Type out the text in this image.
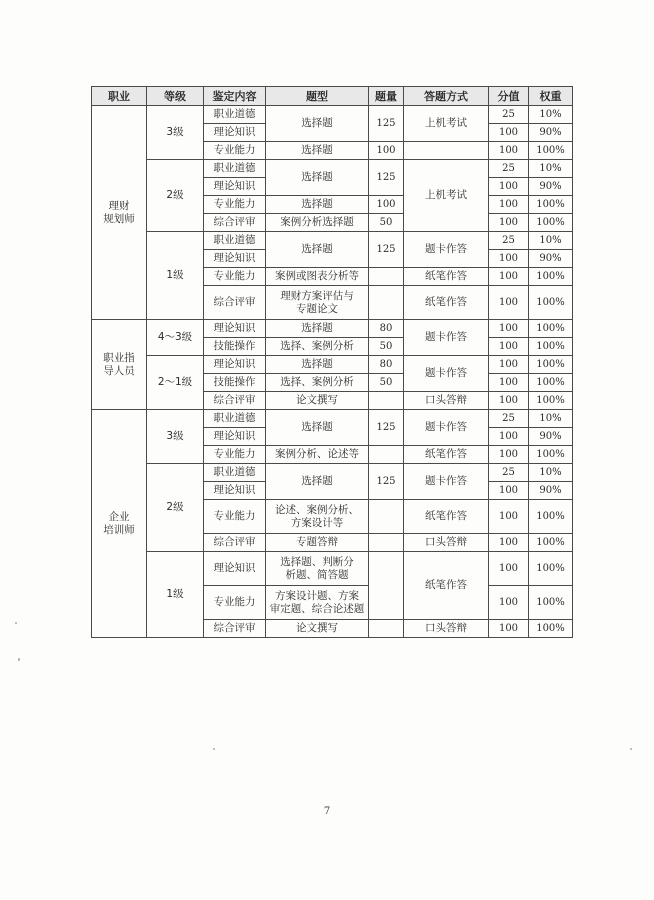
职业	等级	鉴定内容	题型	题量	答题方式	分值	权重
理财
规划师	3级	职业道德	选择题	125	上机考试	25	10%
		理论知识				100	90%
		专业能力	选择题	100		100	100%
	2级	职业道德	选择题	125	上机考试	25	10%
		理论知识				100	90%
		专业能力	选择题	100		100	100%
		综合评审	案例分析选择题	50		100	100%
	1级	职业道德	选择题	125	题卡作答	25	10%
		理论知识				100	90%
		专业能力	案例或图表分析等		纸笔作答	100	100%
		综合评审	理财方案评估与
专题论文		纸笔作答	100	100%
职业指
导人员	4～3级	理论知识	选择题	80	题卡作答	100	100%
		技能操作	选择、案例分析	50		100	100%
	2～1级	理论知识	选择题	80	题卡作答	100	100%
		技能操作	选择、案例分析	50		100	100%
		综合评审	论文撰写		口头答辩	100	100%
企业
培训师	3级	职业道德	选择题	125	题卡作答	25	10%
		理论知识				100	90%
		专业能力	案例分析、论述等		纸笔作答	100	100%
	2级	职业道德	选择题	125	题卡作答	25	10%
		理论知识				100	90%
		专业能力	论述、案例分析、
方案设计等		纸笔作答	100	100%
		综合评审	专题答辩		口头答辩	100	100%
	1级	理论知识	选择题、判断分
析题、简答题		纸笔作答	100	100%
		专业能力	方案设计题、方案
审定题、综合论述题			100	100%
		综合评审	论文撰写		口头答辩	100	100%
7
